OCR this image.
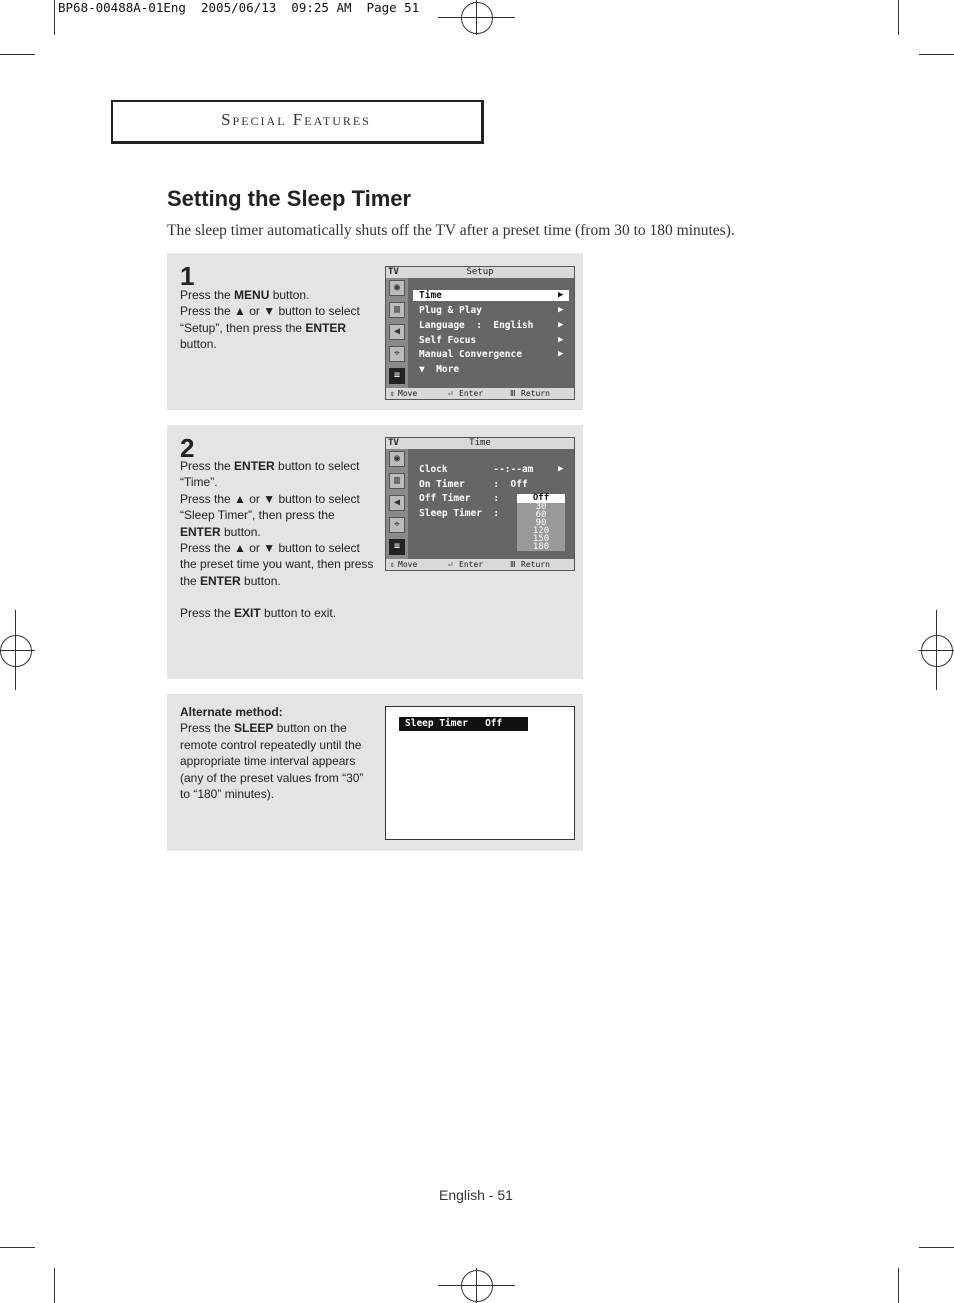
BP68-00488A-01Eng  2005/06/13  09:25 AM  Page 51
Special Features
Setting the Sleep Timer
The sleep timer automatically shuts off the TV after a preset time (from 30 to 180 minutes).
1

Press the MENU button.

Press the ▲ or ▼ button to select “Setup”, then press the ENTER button.

TV	Setup
◉
▥
◀
⌖
≡
Time	▶
Plug & Play	▶
Language  :  English	▶
Self Focus	▶
Manual Convergence	▶
▼  More
⇕ Move	⏎ Enter	Ⅲ Return
2

Press the ENTER button to select “Time”.

Press the ▲ or ▼ button to select “Sleep Timer”, then press the ENTER button.

Press the ▲ or ▼ button to select the preset time you want, then press the ENTER button.

Press the EXIT button to exit.

TV	Time
◉
▥
◀
⌖
≡
Clock        --:--am	▶
On Timer     :  Off
Off Timer    :
Sleep Timer  :
Off
30
60
90
120
150
180
⇕ Move	⏎ Enter	Ⅲ Return

Alternate method:

Press the SLEEP button on the remote control repeatedly until the appropriate time interval appears (any of the preset values from “30” to “180” minutes).

Sleep Timer   Off
English - 51
